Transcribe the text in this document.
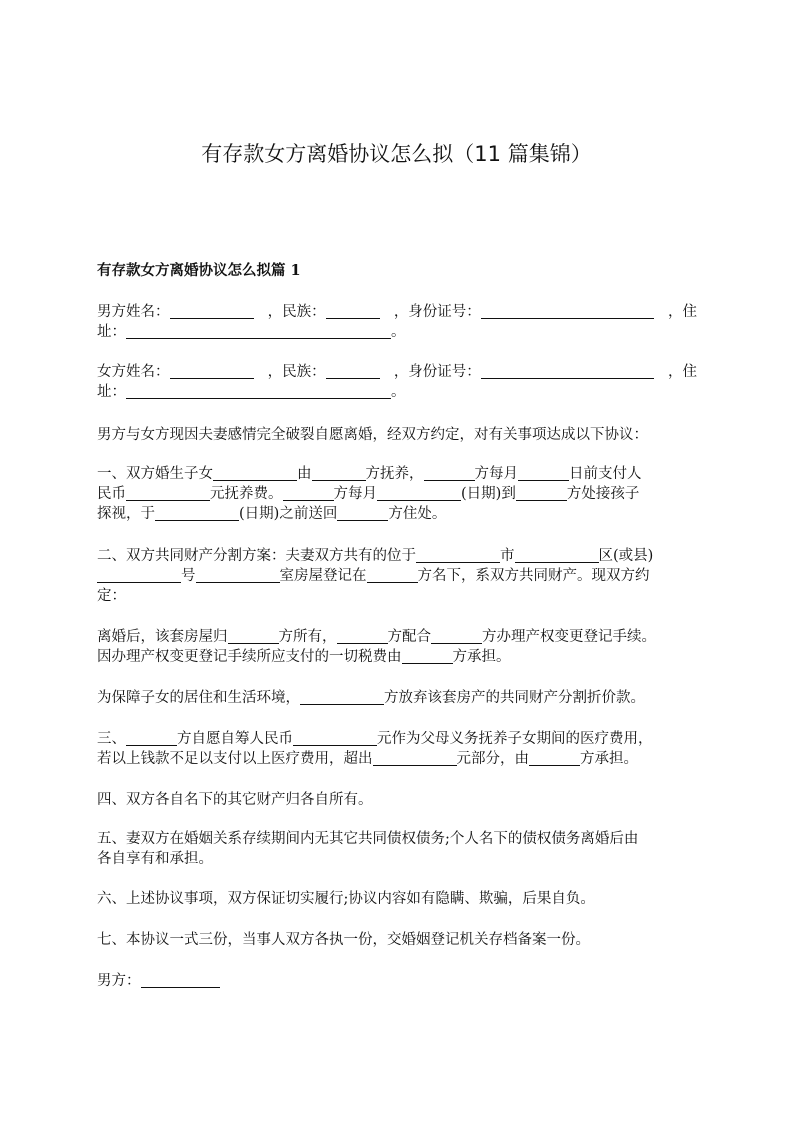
有存款女方离婚协议怎么拟（11 篇集锦）
有存款女方离婚协议怎么拟篇 1
男方姓名：	，民族：	，身份证号：	，住
址：	。
女方姓名：	，民族：	，身份证号：	，住
址：	。
男方与女方现因夫妻感情完全破裂自愿离婚，经双方约定，对有关事项达成以下协议：
一、双方婚生子女	由	方抚养，	方每月	日前支付人
民币	元抚养费。	方每月	(日期)到	方处接孩子
探视，于	(日期)之前送回	方住处。
二、双方共同财产分割方案：夫妻双方共有的位于	市	区(或县)
号	室房屋登记在	方名下，系双方共同财产。现双方约
定：
离婚后，该套房屋归	方所有，	方配合	方办理产权变更登记手续。
因办理产权变更登记手续所应支付的一切税费由	方承担。
为保障子女的居住和生活环境，	方放弃该套房产的共同财产分割折价款。
三、	方自愿自筹人民币	元作为父母义务抚养子女期间的医疗费用，
若以上钱款不足以支付以上医疗费用，超出	元部分，由	方承担。
四、双方各自名下的其它财产归各自所有。
五、妻双方在婚姻关系存续期间内无其它共同债权债务;个人名下的债权债务离婚后由
各自享有和承担。
六、上述协议事项，双方保证切实履行;协议内容如有隐瞒、欺骗，后果自负。
七、本协议一式三份，当事人双方各执一份，交婚姻登记机关存档备案一份。
男方：
